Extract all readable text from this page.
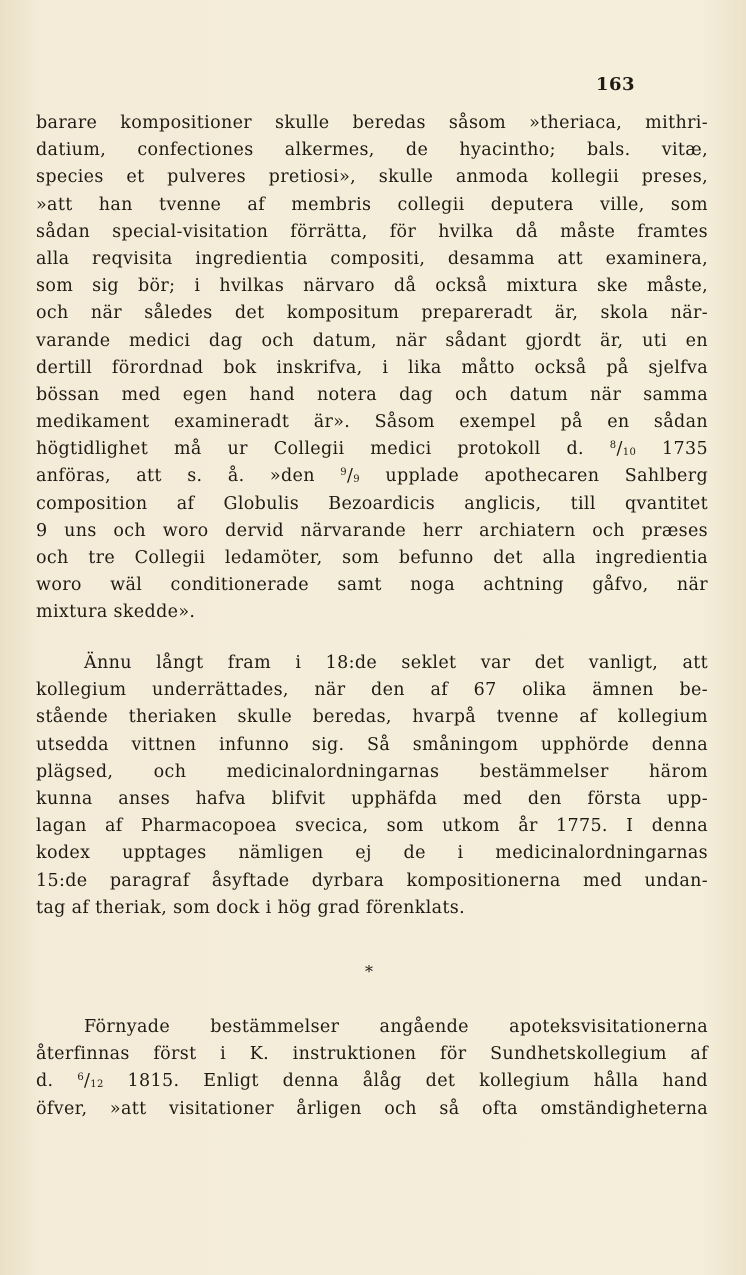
163
barare kompositioner skulle beredas såsom »theriaca, mithri-
datium, confectiones alkermes, de hyacintho; bals. vitæ,
species et pulveres pretiosi», skulle anmoda kollegii preses,
»att han tvenne af membris collegii deputera ville, som
sådan special-visitation förrätta, för hvilka då måste framtes
alla reqvisita ingredientia compositi, desamma att examinera,
som sig bör; i hvilkas närvaro då också mixtura ske måste,
och när således det kompositum prepareradt är, skola när-
varande medici dag och datum, när sådant gjordt är, uti en
dertill förordnad bok inskrifva, i lika måtto också på sjelfva
bössan med egen hand notera dag och datum när samma
medikament examineradt är». Såsom exempel på en sådan
högtidlighet må ur Collegii medici protokoll d. $^8/_{10}$ 1735
anföras, att s. å. »den $^9/_9$ upplade apothecaren Sahlberg
composition af Globulis Bezoardicis anglicis, till qvantitet
9 uns och woro dervid närvarande herr archiatern och præses
och tre Collegii ledamöter, som befunno det alla ingredientia
woro wäl conditionerade samt noga achtning gåfvo, när
mixtura skedde».
Ännu långt fram i 18:de seklet var det vanligt, att
kollegium underrättades, när den af 67 olika ämnen be-
stående theriaken skulle beredas, hvarpå tvenne af kollegium
utsedda vittnen infunno sig. Så småningom upphörde denna
plägsed, och medicinalordningarnas bestämmelser härom
kunna anses hafva blifvit upphäfda med den första upp-
lagan af Pharmacopoea svecica, som utkom år 1775. I denna
kodex upptages nämligen ej de i medicinalordningarnas
15:de paragraf åsyftade dyrbara kompositionerna med undan-
tag af theriak, som dock i hög grad förenklats.
*
Förnyade bestämmelser angående apoteksvisitationerna
återfinnas först i K. instruktionen för Sundhetskollegium af
d. $^6/_{12}$ 1815. Enligt denna ålåg det kollegium hålla hand
öfver, »att visitationer årligen och så ofta omständigheterna
